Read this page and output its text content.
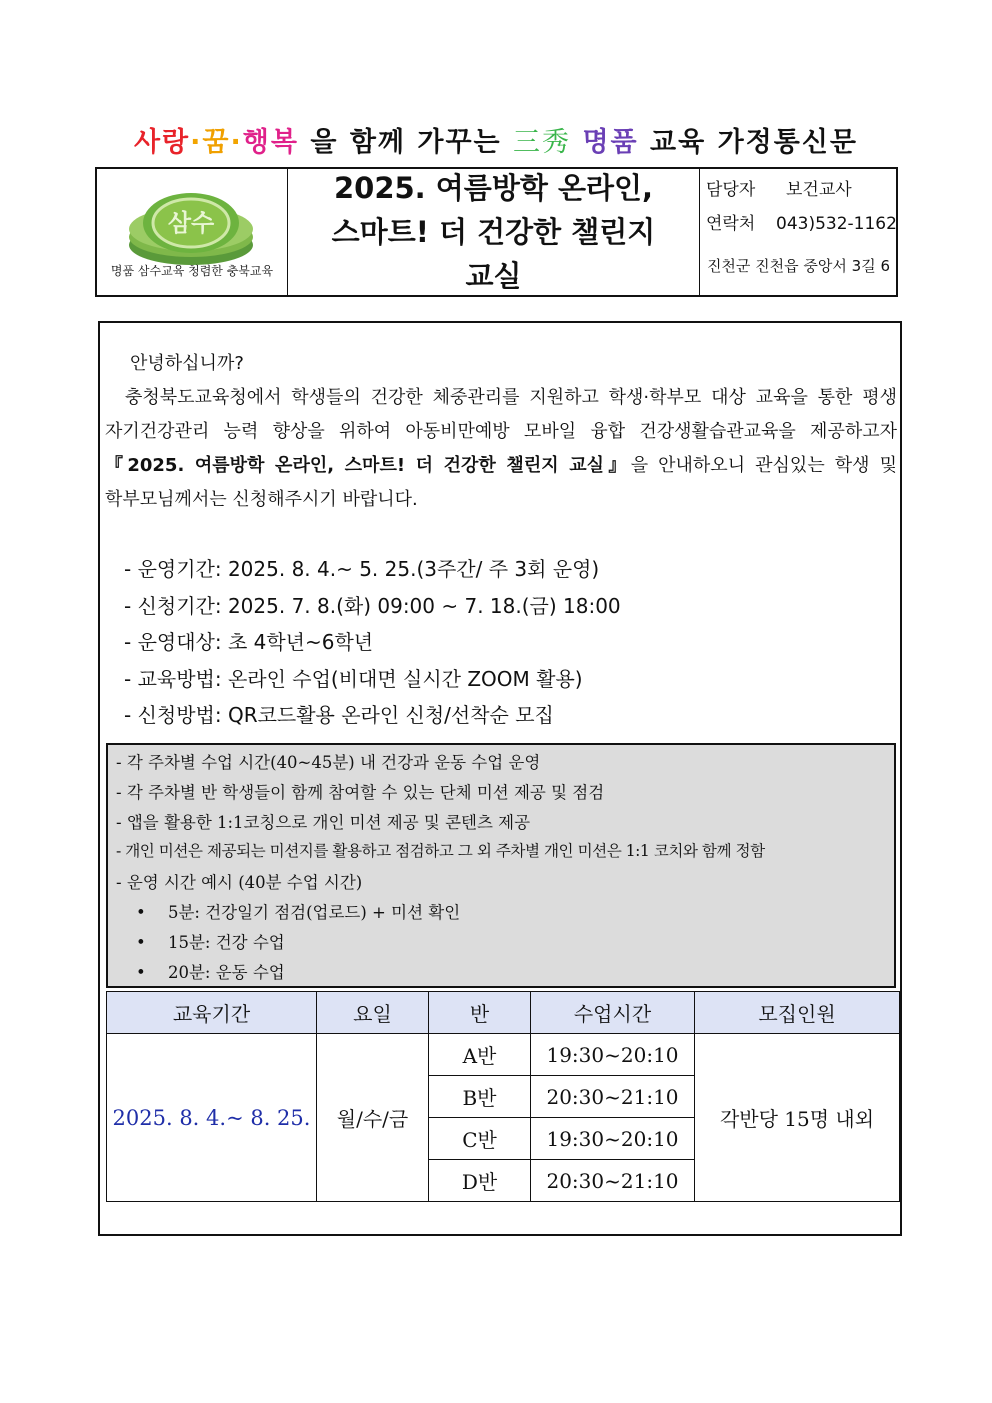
사랑·꿈·행복 을 함께 가꾸는 三秀 명품 교육 가정통신문
삼수
명품 삼수교육 청렴한 충북교육
2025. 여름방학 온라인,
스마트! 더 건강한 챌린지
교실
담당자 보건교사
연락처 043)532-1162
진천군 진천읍 중앙서 3길 6
안녕하십니까?
충청북도교육청에서 학생들의 건강한 체중관리를 지원하고 학생·학부모 대상 교육을 통한 평생 자기건강관리 능력 향상을 위하여 아동비만예방 모바일 융합 건강생활습관교육을 제공하고자 『2025. 여름방학 온라인, 스마트! 더 건강한 챌린지 교실』을 안내하오니 관심있는 학생 및 학부모님께서는 신청해주시기 바랍니다.
- 운영기간: 2025. 8. 4.~ 5. 25.(3주간/ 주 3회 운영)
- 신청기간: 2025. 7. 8.(화) 09:00 ~ 7. 18.(금) 18:00
- 운영대상: 초 4학년~6학년
- 교육방법: 온라인 수업(비대면 실시간 ZOOM 활용)
- 신청방법: QR코드활용 온라인 신청/선착순 모집
- 각 주차별 수업 시간(40~45분) 내 건강과 운동 수업 운영
- 각 주차별 반 학생들이 함께 참여할 수 있는 단체 미션 제공 및 점검
- 앱을 활용한 1:1코칭으로 개인 미션 제공 및 콘텐츠 제공
- 개인 미션은 제공되는 미션지를 활용하고 점검하고 그 외 주차별 개인 미션은 1:1 코치와 함께 정함
- 운영 시간 예시 (40분 수업 시간)
• 5분: 건강일기 점검(업로드) + 미션 확인
• 15분: 건강 수업
• 20분: 운동 수업
교육기간	요일	반	수업시간	모집인원
2025. 8. 4.~ 8. 25.	월/수/금	A반	19:30~20:10	각반당 15명 내외
		B반	20:30~21:10	
		C반	19:30~20:10	
		D반	20:30~21:10	
